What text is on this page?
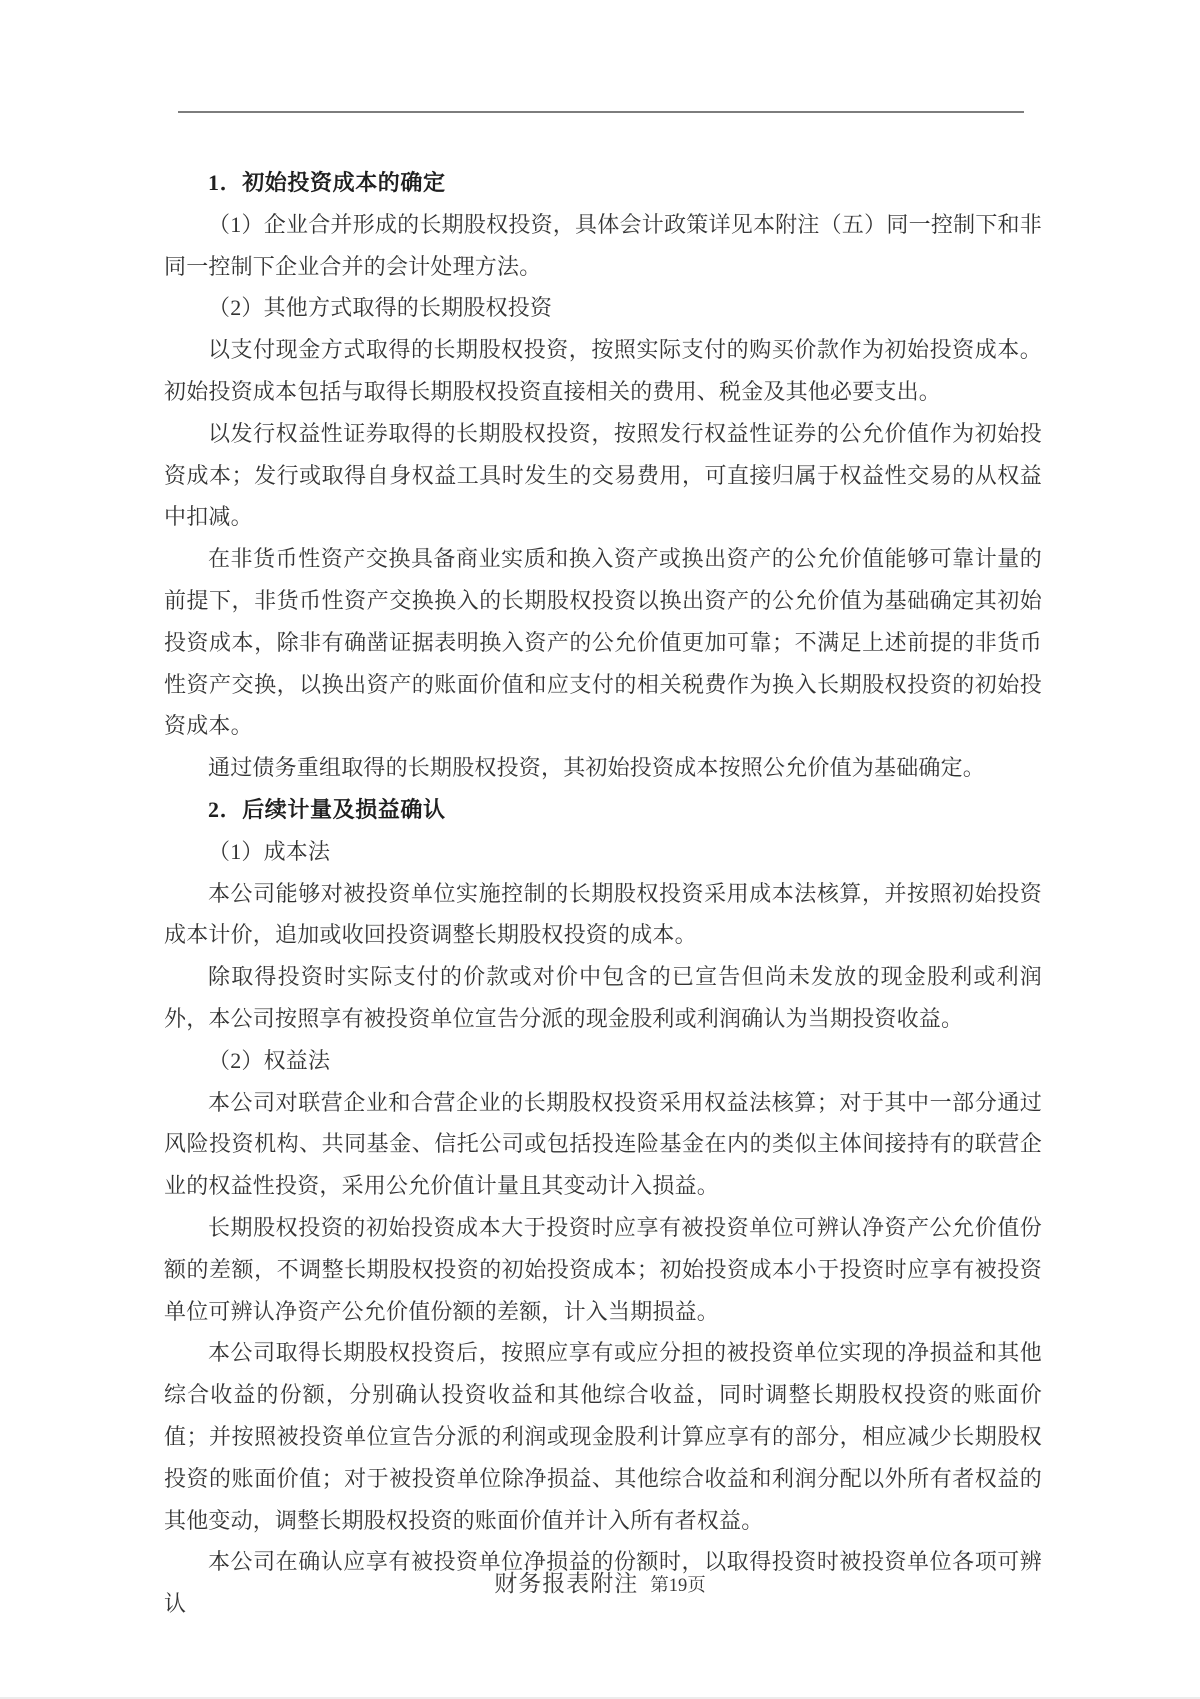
1．初始投资成本的确定

（1）企业合并形成的长期股权投资，具体会计政策详见本附注（五）同一控制下和非同一控制下企业合并的会计处理方法。

（2）其他方式取得的长期股权投资

以支付现金方式取得的长期股权投资，按照实际支付的购买价款作为初始投资成本。初始投资成本包括与取得长期股权投资直接相关的费用、税金及其他必要支出。

以发行权益性证券取得的长期股权投资，按照发行权益性证券的公允价值作为初始投资成本；发行或取得自身权益工具时发生的交易费用，可直接归属于权益性交易的从权益中扣减。

在非货币性资产交换具备商业实质和换入资产或换出资产的公允价值能够可靠计量的前提下，非货币性资产交换换入的长期股权投资以换出资产的公允价值为基础确定其初始投资成本，除非有确凿证据表明换入资产的公允价值更加可靠；不满足上述前提的非货币性资产交换，以换出资产的账面价值和应支付的相关税费作为换入长期股权投资的初始投资成本。

通过债务重组取得的长期股权投资，其初始投资成本按照公允价值为基础确定。

2．后续计量及损益确认

（1）成本法

本公司能够对被投资单位实施控制的长期股权投资采用成本法核算，并按照初始投资成本计价，追加或收回投资调整长期股权投资的成本。

除取得投资时实际支付的价款或对价中包含的已宣告但尚未发放的现金股利或利润外，本公司按照享有被投资单位宣告分派的现金股利或利润确认为当期投资收益。

（2）权益法

本公司对联营企业和合营企业的长期股权投资采用权益法核算；对于其中一部分通过风险投资机构、共同基金、信托公司或包括投连险基金在内的类似主体间接持有的联营企业的权益性投资，采用公允价值计量且其变动计入损益。

长期股权投资的初始投资成本大于投资时应享有被投资单位可辨认净资产公允价值份额的差额，不调整长期股权投资的初始投资成本；初始投资成本小于投资时应享有被投资单位可辨认净资产公允价值份额的差额，计入当期损益。

本公司取得长期股权投资后，按照应享有或应分担的被投资单位实现的净损益和其他综合收益的份额，分别确认投资收益和其他综合收益，同时调整长期股权投资的账面价值；并按照被投资单位宣告分派的利润或现金股利计算应享有的部分，相应减少长期股权投资的账面价值；对于被投资单位除净损益、其他综合收益和利润分配以外所有者权益的其他变动，调整长期股权投资的账面价值并计入所有者权益。

本公司在确认应享有被投资单位净损益的份额时，以取得投资时被投资单位各项可辨认

财务报表附注 第19页
